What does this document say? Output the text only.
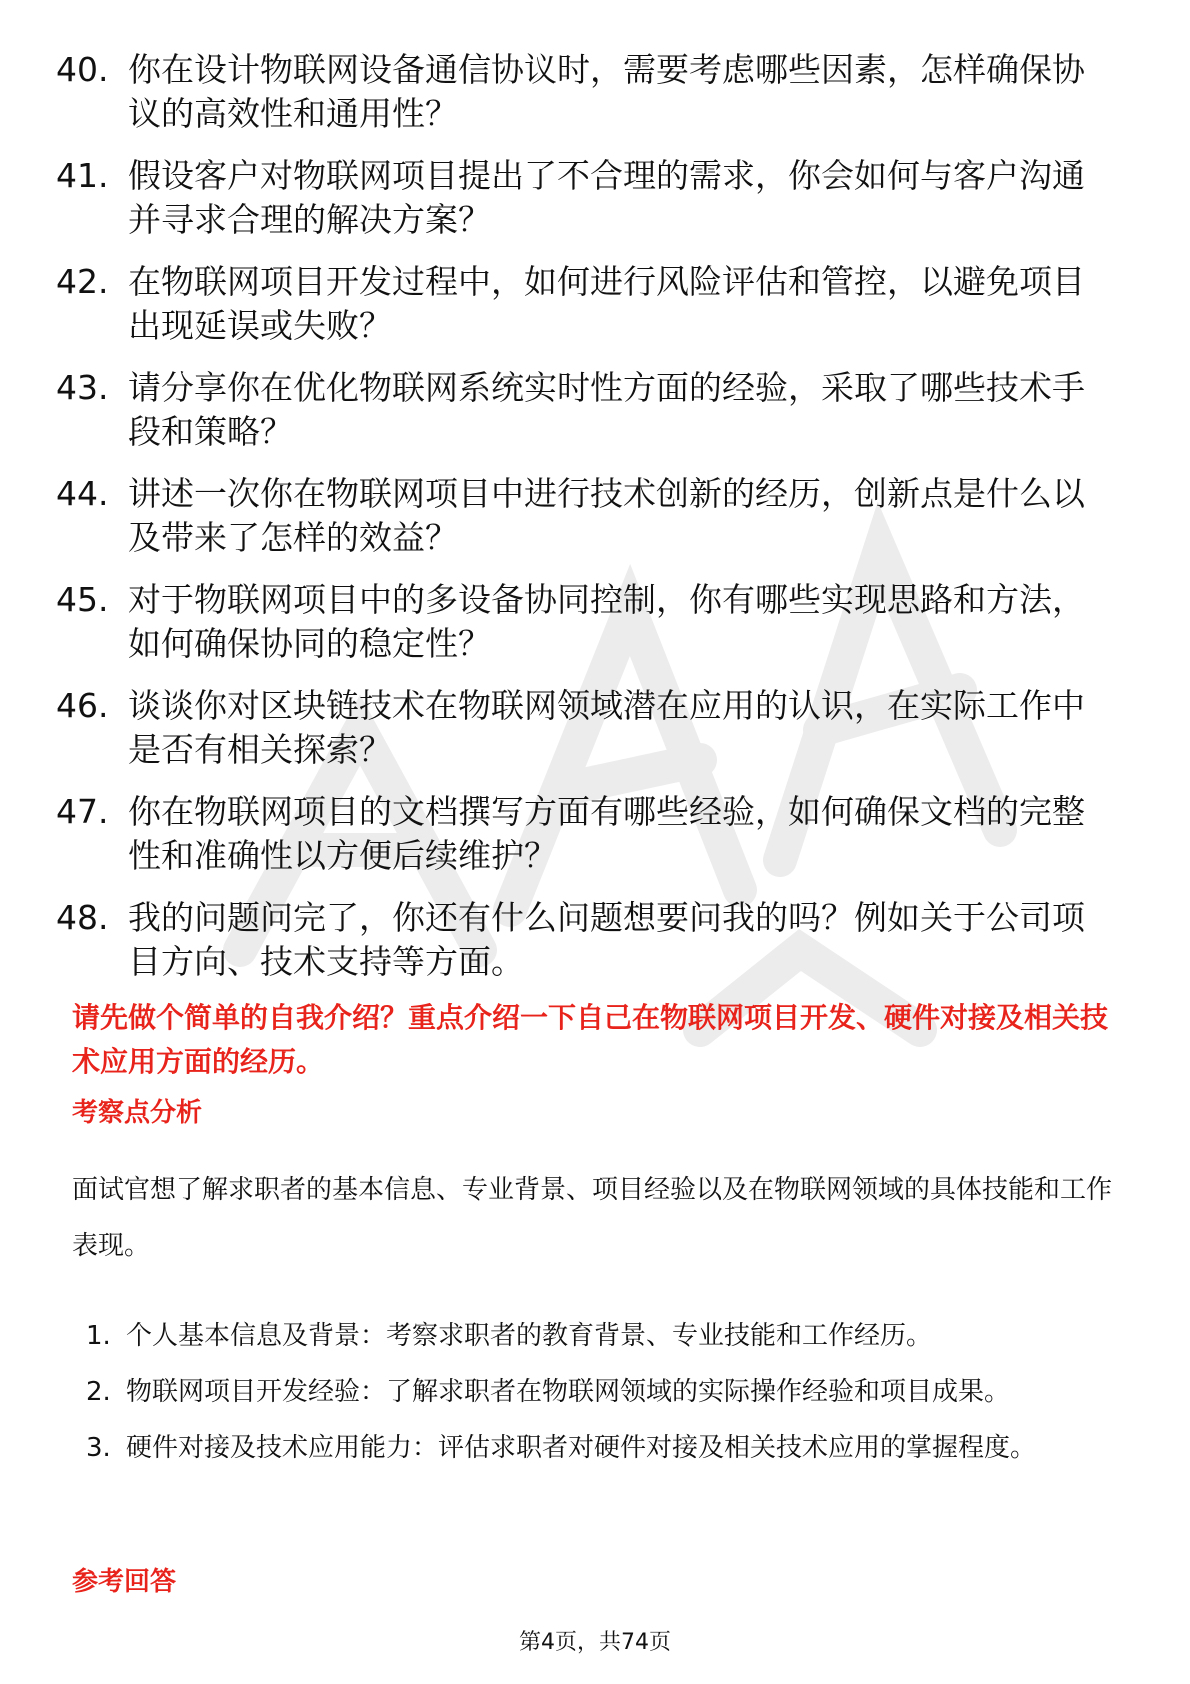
40. 你在设计物联网设备通信协议时，需要考虑哪些因素，怎样确保协议的高效性和通用性？
41. 假设客户对物联网项目提出了不合理的需求，你会如何与客户沟通并寻求合理的解决方案？
42. 在物联网项目开发过程中，如何进行风险评估和管控，以避免项目出现延误或失败？
43. 请分享你在优化物联网系统实时性方面的经验，采取了哪些技术手段和策略？
44. 讲述一次你在物联网项目中进行技术创新的经历，创新点是什么以及带来了怎样的效益？
45. 对于物联网项目中的多设备协同控制，你有哪些实现思路和方法，如何确保协同的稳定性？
46. 谈谈你对区块链技术在物联网领域潜在应用的认识，在实际工作中是否有相关探索？
47. 你在物联网项目的文档撰写方面有哪些经验，如何确保文档的完整性和准确性以方便后续维护？
48. 我的问题问完了，你还有什么问题想要问我的吗？例如关于公司项目方向、技术支持等方面。
请先做个简单的自我介绍？重点介绍一下自己在物联网项目开发、硬件对接及相关技术应用方面的经历。
考察点分析
面试官想了解求职者的基本信息、专业背景、项目经验以及在物联网领域的具体技能和工作表现。
1. 个人基本信息及背景：考察求职者的教育背景、专业技能和工作经历。
2. 物联网项目开发经验：了解求职者在物联网领域的实际操作经验和项目成果。
3. 硬件对接及技术应用能力：评估求职者对硬件对接及相关技术应用的掌握程度。
参考回答
第4页，共74页
